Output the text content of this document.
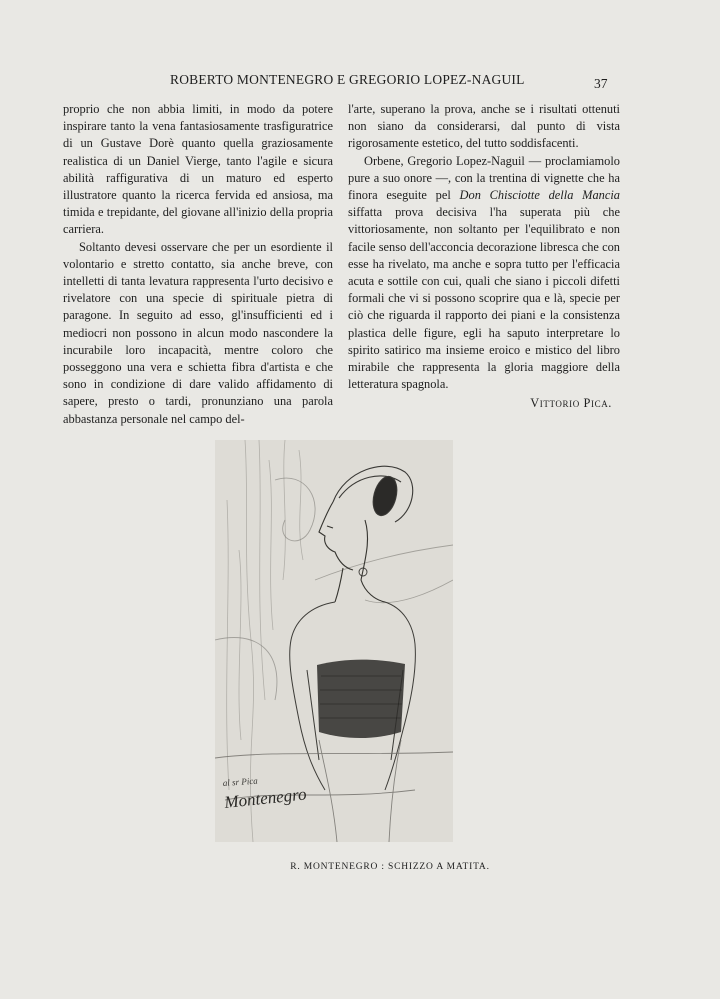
ROBERTO MONTENEGRO E GREGORIO LOPEZ-NAGUIL	37

proprio che non abbia limiti, in modo da potere inspirare tanto la vena fantasiosamente trasfiguratrice di un Gustave Dorè quanto quella graziosamente realistica di un Daniel Vierge, tanto l'agile e sicura abilità raffigurativa di un maturo ed esperto illustratore quanto la ricerca fervida ed ansiosa, ma timida e trepidante, del giovane all'inizio della propria carriera.

Soltanto devesi osservare che per un esordiente il volontario e stretto contatto, sia anche breve, con intelletti di tanta levatura rappresenta l'urto decisivo e rivelatore con una specie di spirituale pietra di paragone. In seguito ad esso, gl'insufficienti ed i mediocri non possono in alcun modo nascondere la incurabile loro incapacità, mentre coloro che posseggono una vera e schietta fibra d'artista e che sono in condizione di dare valido affidamento di sapere, presto o tardi, pronunziano una parola abbastanza personale nel campo del-

l'arte, superano la prova, anche se i risultati ottenuti non siano da considerarsi, dal punto di vista rigorosamente estetico, del tutto soddisfacenti.

Orbene, Gregorio Lopez-Naguil — proclamiamolo pure a suo onore —, con la trentina di vignette che ha finora eseguite pel Don Chisciotte della Mancia siffatta prova decisiva l'ha superata più che vittoriosamente, non soltanto per l'equilibrato e non facile senso dell'acconcia decorazione libresca che con esse ha rivelato, ma anche e sopra tutto per l'efficacia acuta e sottile con cui, quali che siano i piccoli difetti formali che vi si possono scoprire qua e là, specie per ciò che riguarda il rapporto dei piani e la consistenza plastica delle figure, egli ha saputo interpretare lo spirito satirico ma insieme eroico e mistico del libro mirabile che rappresenta la gloria maggiore della letteratura spagnola.

Vittorio Pica.
al sr Pica
Montenegro
R. MONTENEGRO : SCHIZZO A MATITA.
